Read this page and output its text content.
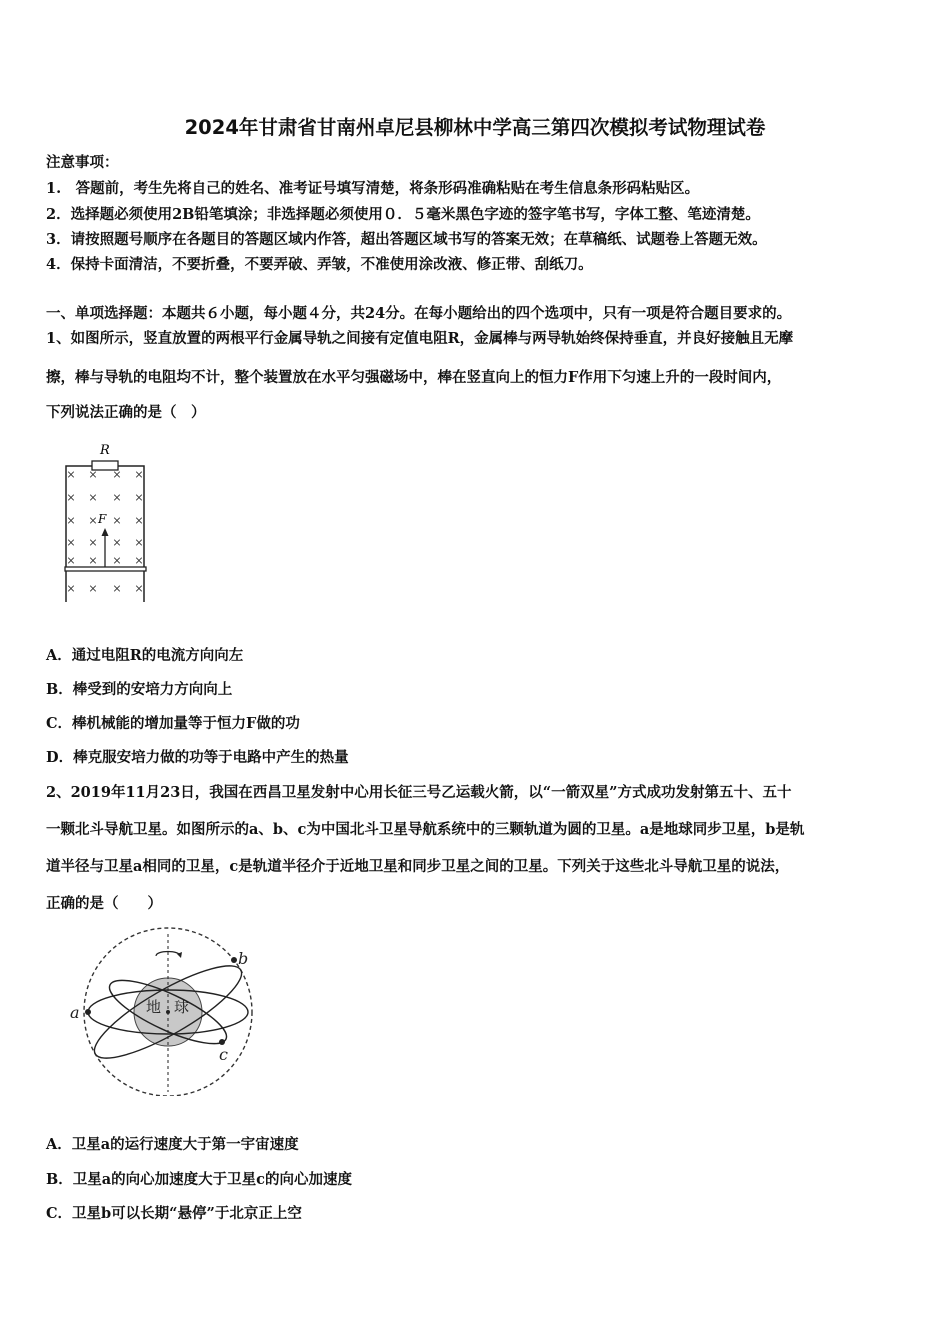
2024年甘肃省甘南州卓尼县柳林中学高三第四次模拟考试物理试卷
注意事项：
1.　答题前，考生先将自己的姓名、准考证号填写清楚，将条形码准确粘贴在考生信息条形码粘贴区。
2．选择题必须使用2B铅笔填涂；非选择题必须使用０．５毫米黑色字迹的签字笔书写，字体工整、笔迹清楚。
3．请按照题号顺序在各题目的答题区域内作答，超出答题区域书写的答案无效；在草稿纸、试题卷上答题无效。
4．保持卡面清洁，不要折叠，不要弄破、弄皱，不准使用涂改液、修正带、刮纸刀。
一、单项选择题：本题共６小题，每小题４分，共24分。在每小题给出的四个选项中，只有一项是符合题目要求的。
1、如图所示，竖直放置的两根平行金属导轨之间接有定值电阻R，金属棒与两导轨始终保持垂直，并良好接触且无摩
擦，棒与导轨的电阻均不计，整个装置放在水平匀强磁场中，棒在竖直向上的恒力F作用下匀速上升的一段时间内，
下列说法正确的是（　）
R
F
× × × ×
× × × ×
× × × ×
× × × ×
× × × ×
× × × ×
A．通过电阻R的电流方向向左
B．棒受到的安培力方向向上
C．棒机械能的增加量等于恒力F做的功
D．棒克服安培力做的功等于电路中产生的热量
2、2019年11月23日，我国在西昌卫星发射中心用长征三号乙运载火箭，以“一箭双星”方式成功发射第五十、五十
一颗北斗导航卫星。如图所示的a、b、c为中国北斗卫星导航系统中的三颗轨道为圆的卫星。a是地球同步卫星，b是轨
道半径与卫星a相同的卫星，c是轨道半径介于近地卫星和同步卫星之间的卫星。下列关于这些北斗导航卫星的说法，
正确的是（　　）
地 球
a
b
c
A．卫星a的运行速度大于第一宇宙速度
B．卫星a的向心加速度大于卫星c的向心加速度
C．卫星b可以长期“悬停”于北京正上空
